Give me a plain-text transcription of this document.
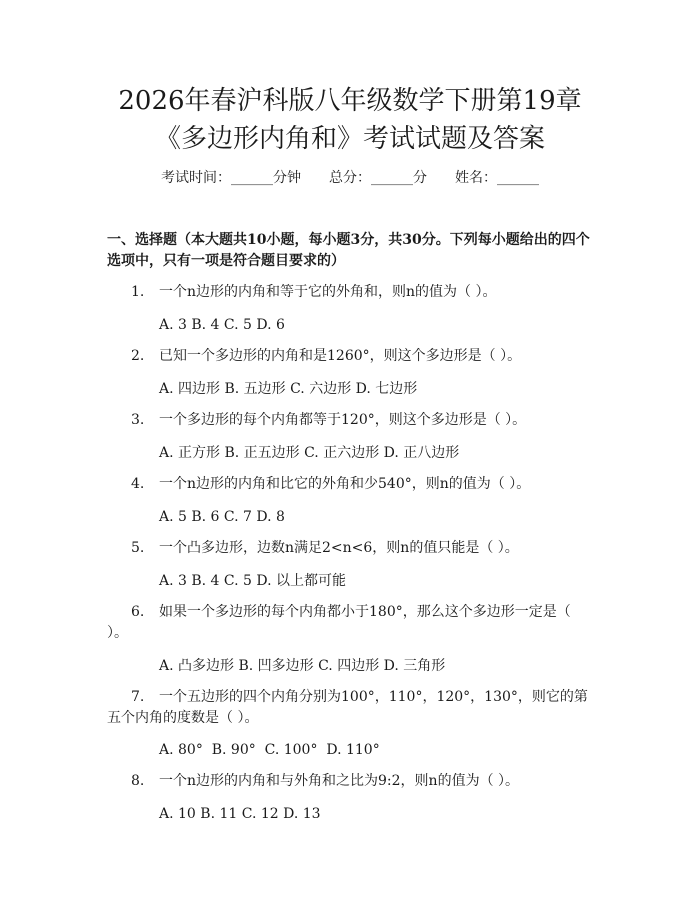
2026年春沪科版八年级数学下册第19章
《多边形内角和》考试试题及答案
考试时间：______分钟 总分：______分 姓名：______
一、选择题（本大题共10小题，每小题3分，共30分。下列每小题给出的四个选项中，只有一项是符合题目要求的）
1. 一个n边形的内角和等于它的外角和，则n的值为（ ）。
A. 3 B. 4 C. 5 D. 6
2. 已知一个多边形的内角和是1260°，则这个多边形是（ ）。
A. 四边形 B. 五边形 C. 六边形 D. 七边形
3. 一个多边形的每个内角都等于120°，则这个多边形是（ ）。
A. 正方形 B. 正五边形 C. 正六边形 D. 正八边形
4. 一个n边形的内角和比它的外角和少540°，则n的值为（ ）。
A. 5 B. 6 C. 7 D. 8
5. 一个凸多边形，边数n满足2<n<6，则n的值只能是（ ）。
A. 3 B. 4 C. 5 D. 以上都可能
6. 如果一个多边形的每个内角都小于180°，那么这个多边形一定是（ ）。
A. 凸多边形 B. 凹多边形 C. 四边形 D. 三角形
7. 一个五边形的四个内角分别为100°，110°，120°，130°，则它的第五个内角的度数是（ ）。
A. 80°  B. 90°  C. 100°  D. 110°
8. 一个n边形的内角和与外角和之比为9:2，则n的值为（ ）。
A. 10 B. 11 C. 12 D. 13
